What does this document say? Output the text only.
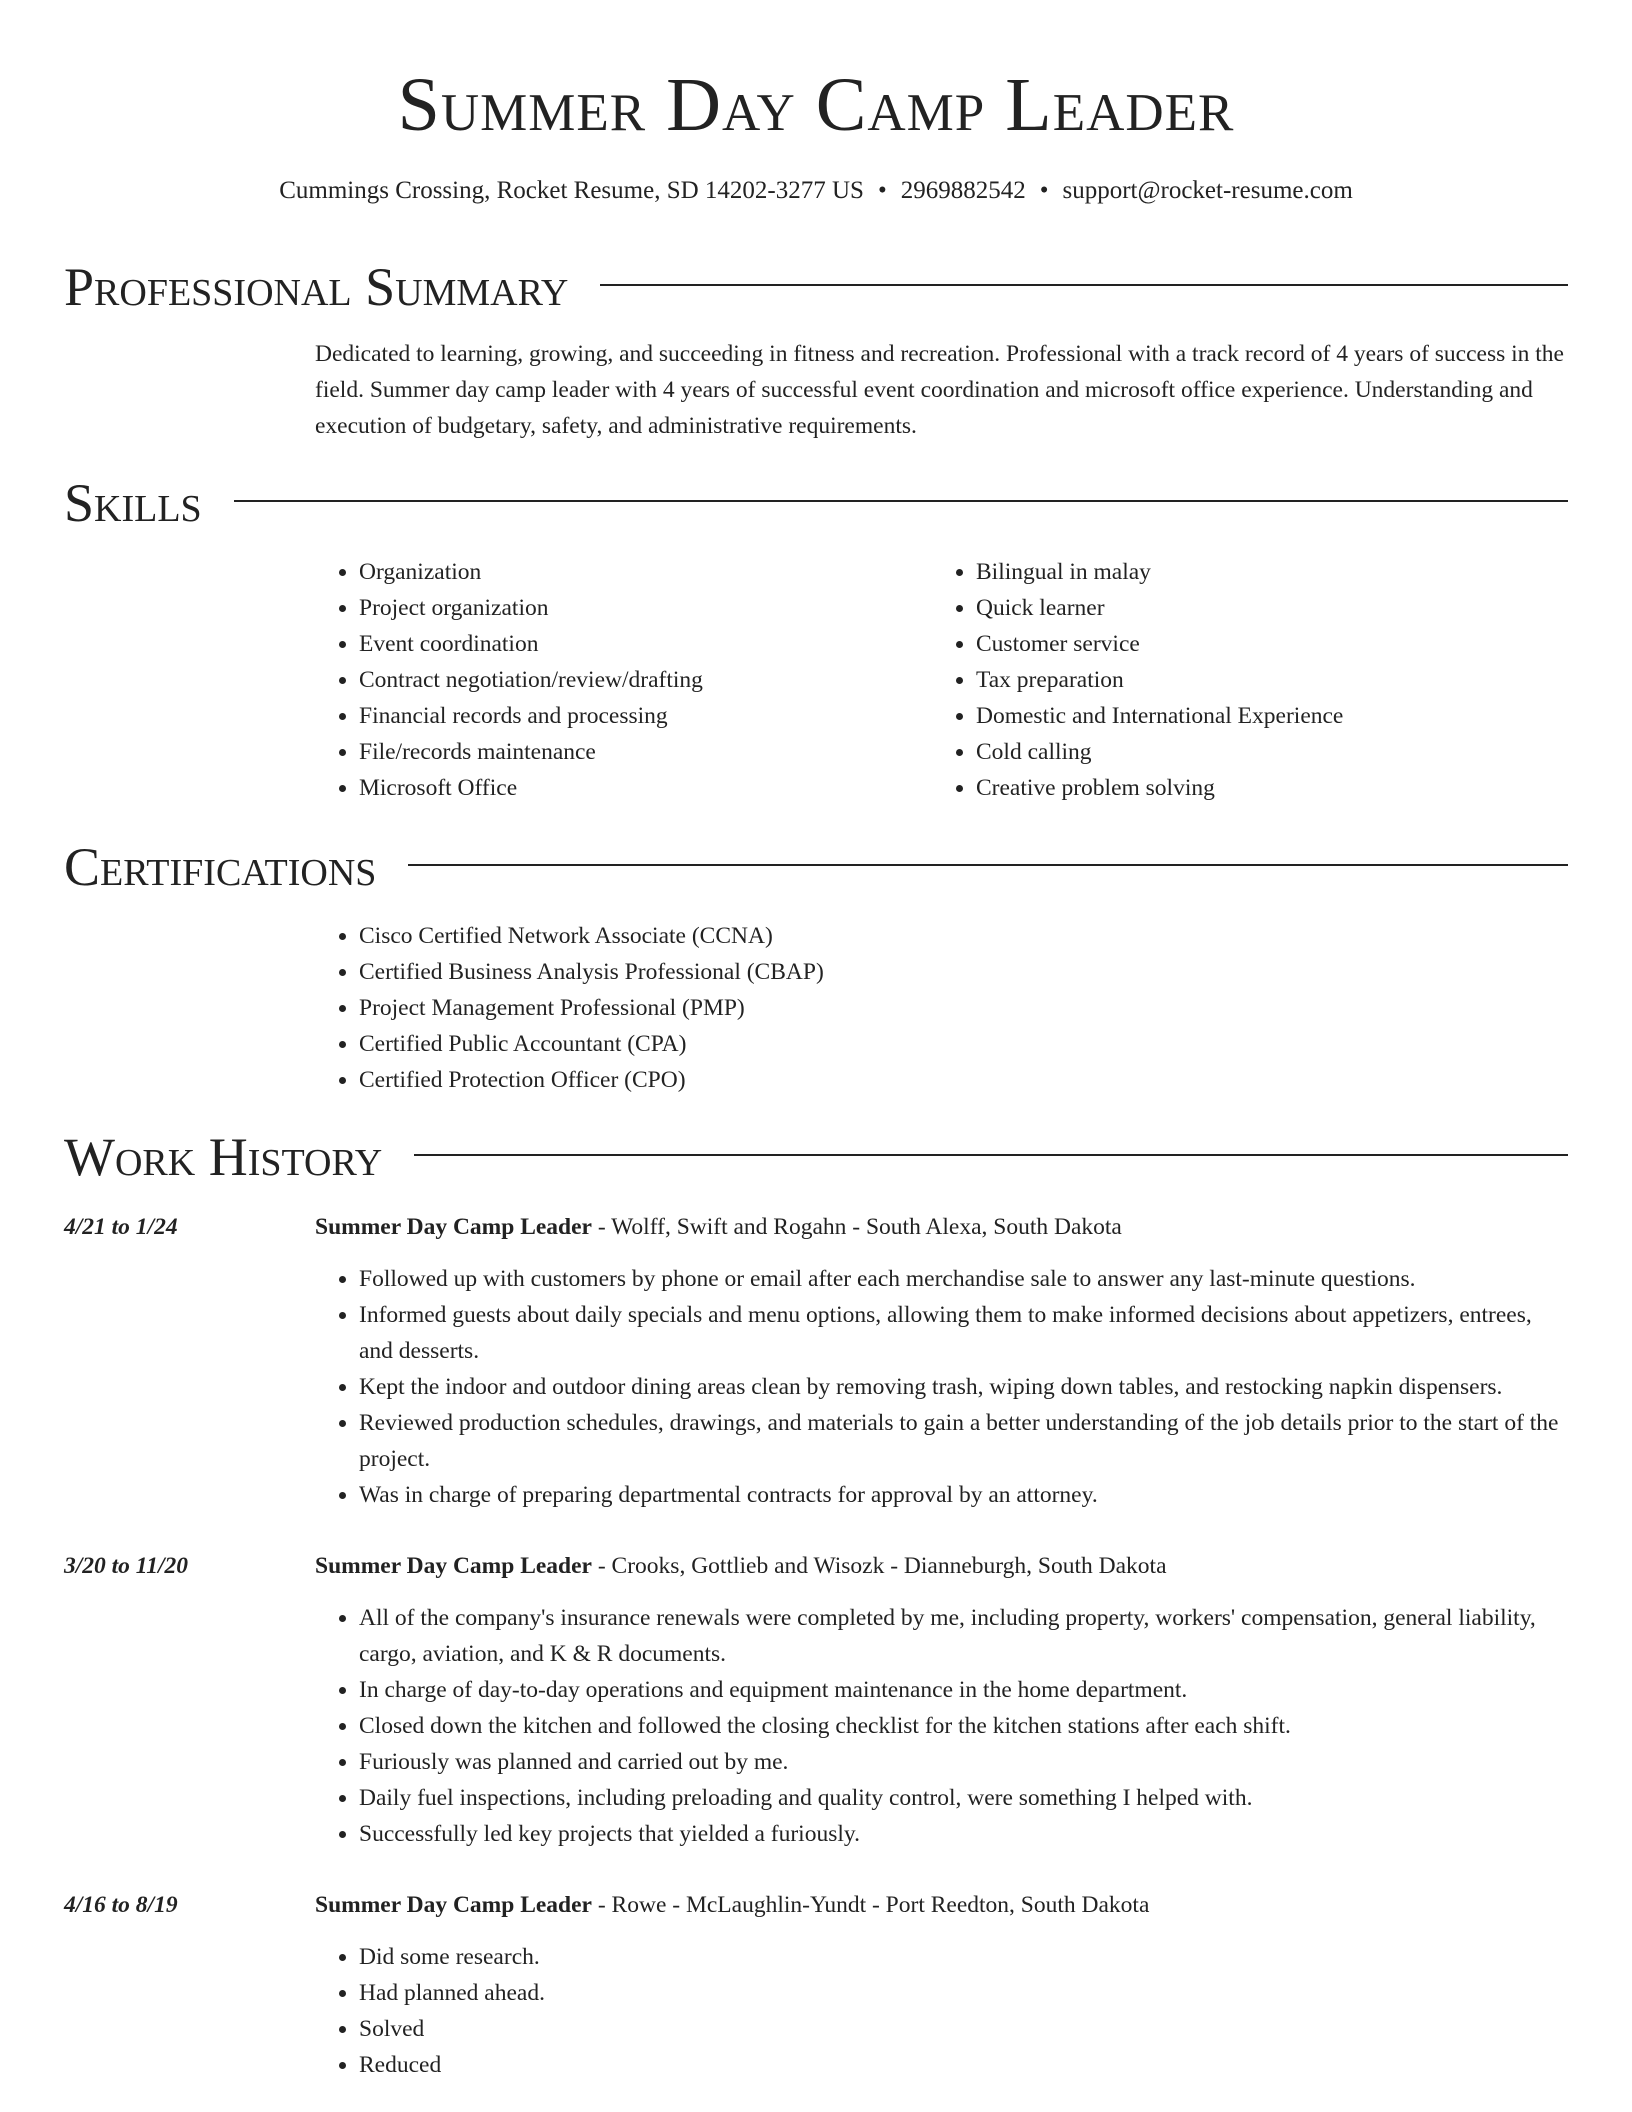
Summer Day Camp Leader
Cummings Crossing, Rocket Resume, SD 14202-3277 US • 2969882542 • support@rocket-resume.com
Professional Summary

Dedicated to learning, growing, and succeeding in fitness and recreation. Professional with a track record of 4 years of success in the field. Summer day camp leader with 4 years of successful event coordination and microsoft office experience. Understanding and execution of budgetary, safety, and administrative requirements.

Skills
• Organization
• Project organization
• Event coordination
• Contract negotiation/review/drafting
• Financial records and processing
• File/records maintenance
• Microsoft Office
• Bilingual in malay
• Quick learner
• Customer service
• Tax preparation
• Domestic and International Experience
• Cold calling
• Creative problem solving
Certifications
• Cisco Certified Network Associate (CCNA)
• Certified Business Analysis Professional (CBAP)
• Project Management Professional (PMP)
• Certified Public Accountant (CPA)
• Certified Protection Officer (CPO)
Work History
4/21 to 1/24	Summer Day Camp Leader - Wolff, Swift and Rogahn - South Alexa, South Dakota
• Followed up with customers by phone or email after each merchandise sale to answer any last-minute questions.
• Informed guests about daily specials and menu options, allowing them to make informed decisions about appetizers, entrees, and desserts.
• Kept the indoor and outdoor dining areas clean by removing trash, wiping down tables, and restocking napkin dispensers.
• Reviewed production schedules, drawings, and materials to gain a better understanding of the job details prior to the start of the project.
• Was in charge of preparing departmental contracts for approval by an attorney.
3/20 to 11/20	Summer Day Camp Leader - Crooks, Gottlieb and Wisozk - Dianneburgh, South Dakota
• All of the company's insurance renewals were completed by me, including property, workers' compensation, general liability, cargo, aviation, and K & R documents.
• In charge of day-to-day operations and equipment maintenance in the home department.
• Closed down the kitchen and followed the closing checklist for the kitchen stations after each shift.
• Furiously was planned and carried out by me.
• Daily fuel inspections, including preloading and quality control, were something I helped with.
• Successfully led key projects that yielded a furiously.
4/16 to 8/19	Summer Day Camp Leader - Rowe - McLaughlin-Yundt - Port Reedton, South Dakota
• Did some research.
• Had planned ahead.
• Solved
• Reduced
